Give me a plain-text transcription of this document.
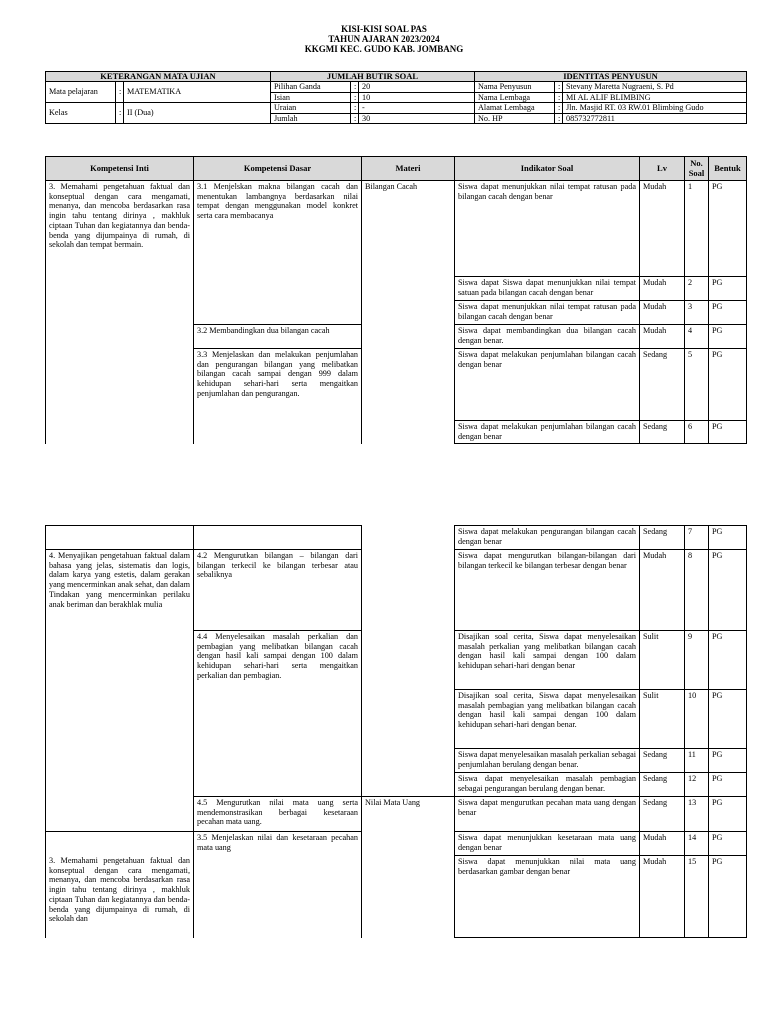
KISI-KISI SOAL PAS
TAHUN AJARAN 2023/2024
KKGMI KEC. GUDO KAB. JOMBANG
KETERANGAN MATA UJIAN			JUMLAH BUTIR SOAL			IDENTITAS PENYUSUN		
Mata pelajaran	:	MATEMATIKA	Pilihan Ganda	:	20	Nama Penyusun	:	Stevany Maretta Nugraeni, S. Pd
			Isian	:	10	Nama Lembaga	:	MI AL ALIF BLIMBING
Kelas	:	II (Dua)	Uraian	:	-	Alamat Lembaga	:	Jln. Masjid RT. 03 RW.01 Blimbing Gudo
			Jumlah	:	30	No. HP	:	085732772811
Kompetensi Inti	Kompetensi Dasar	Materi	Indikator Soal	Lv	No. Soal	Bentuk
3. Memahami pengetahuan faktual dan konseptual dengan cara mengamati, menanya, dan mencoba berdasarkan rasa ingin tahu tentang dirinya , makhluk ciptaan Tuhan dan kegiatannya dan benda-benda yang dijumpainya di rumah, di sekolah dan tempat bermain.	3.1 Menjelskan makna bilangan cacah dan menentukan lambangnya berdasarkan nilai tempat dengan menggunakan model konkret serta cara membacanya	Bilangan Cacah	Siswa dapat menunjukkan nilai tempat ratusan pada bilangan cacah dengan benar	Mudah	1	PG
			Siswa dapat Siswa dapat menunjukkan nilai tempat satuan pada bilangan cacah dengan benar	Mudah	2	PG
			Siswa dapat menunjukkan nilai tempat ratusan pada bilangan cacah dengan benar	Mudah	3	PG
	3.2 Membandingkan dua bilangan cacah		Siswa dapat membandingkan dua bilangan cacah dengan benar.	Mudah	4	PG
	3.3 Menjelaskan dan melakukan penjumlahan dan pengurangan bilangan yang melibatkan bilangan cacah sampai dengan 999 dalam kehidupan sehari-hari serta mengaitkan penjumlahan dan pengurangan.		Siswa dapat melakukan penjumlahan bilangan cacah dengan benar	Sedang	5	PG
			Siswa dapat melakukan penjumlahan bilangan cacah dengan benar	Sedang	6	PG
			Siswa dapat melakukan pengurangan bilangan cacah dengan benar	Sedang	7	PG
4. Menyajikan pengetahuan faktual dalam bahasa yang jelas, sistematis dan logis, dalam karya yang estetis, dalam gerakan yang mencerminkan anak sehat, dan dalam Tindakan yang mencerminkan perilaku anak beriman dan berakhlak mulia	4.2 Mengurutkan bilangan – bilangan dari bilangan terkecil ke bilangan terbesar atau sebaliknya		Siswa dapat mengurutkan bilangan-bilangan dari bilangan terkecil ke bilangan terbesar dengan benar	Mudah	8	PG
	4.4 Menyelesaikan masalah perkalian dan pembagian yang melibatkan bilangan cacah dengan hasil kali sampai dengan 100 dalam kehidupan sehari-hari serta mengaitkan perkalian dan pembagian.		Disajikan soal cerita, Siswa dapat menyelesaikan masalah perkalian yang melibatkan bilangan cacah dengan hasil kali sampai dengan 100 dalam kehidupan sehari-hari dengan benar	Sulit	9	PG
			Disajikan soal cerita, Siswa dapat menyelesaikan masalah pembagian yang melibatkan bilangan cacah dengan hasil kali sampai dengan 100 dalam kehidupan sehari-hari dengan benar.	Sulit	10	PG
			Siswa dapat menyelesaikan masalah perkalian sebagai penjumlahan berulang dengan benar.	Sedang	11	PG
			Siswa dapat menyelesaikan masalah pembagian sebagai pengurangan berulang dengan benar.	Sedang	12	PG
	4.5 Mengurutkan nilai mata uang serta mendemonstrasikan berbagai kesetaraan pecahan mata uang.	Nilai Mata Uang	Siswa dapat mengurutkan pecahan mata uang dengan benar	Sedang	13	PG
3. Memahami pengetahuan faktual dan konseptual dengan cara mengamati, menanya, dan mencoba berdasarkan rasa ingin tahu tentang dirinya , makhluk ciptaan Tuhan dan kegiatannya dan benda-benda yang dijumpainya di rumah, di sekolah dan	3.5 Menjelaskan nilai dan kesetaraan pecahan mata uang		Siswa dapat menunjukkan kesetaraan mata uang dengan benar	Mudah	14	PG
			Siswa dapat menunjukkan nilai mata uang berdasarkan gambar dengan benar	Mudah	15	PG
